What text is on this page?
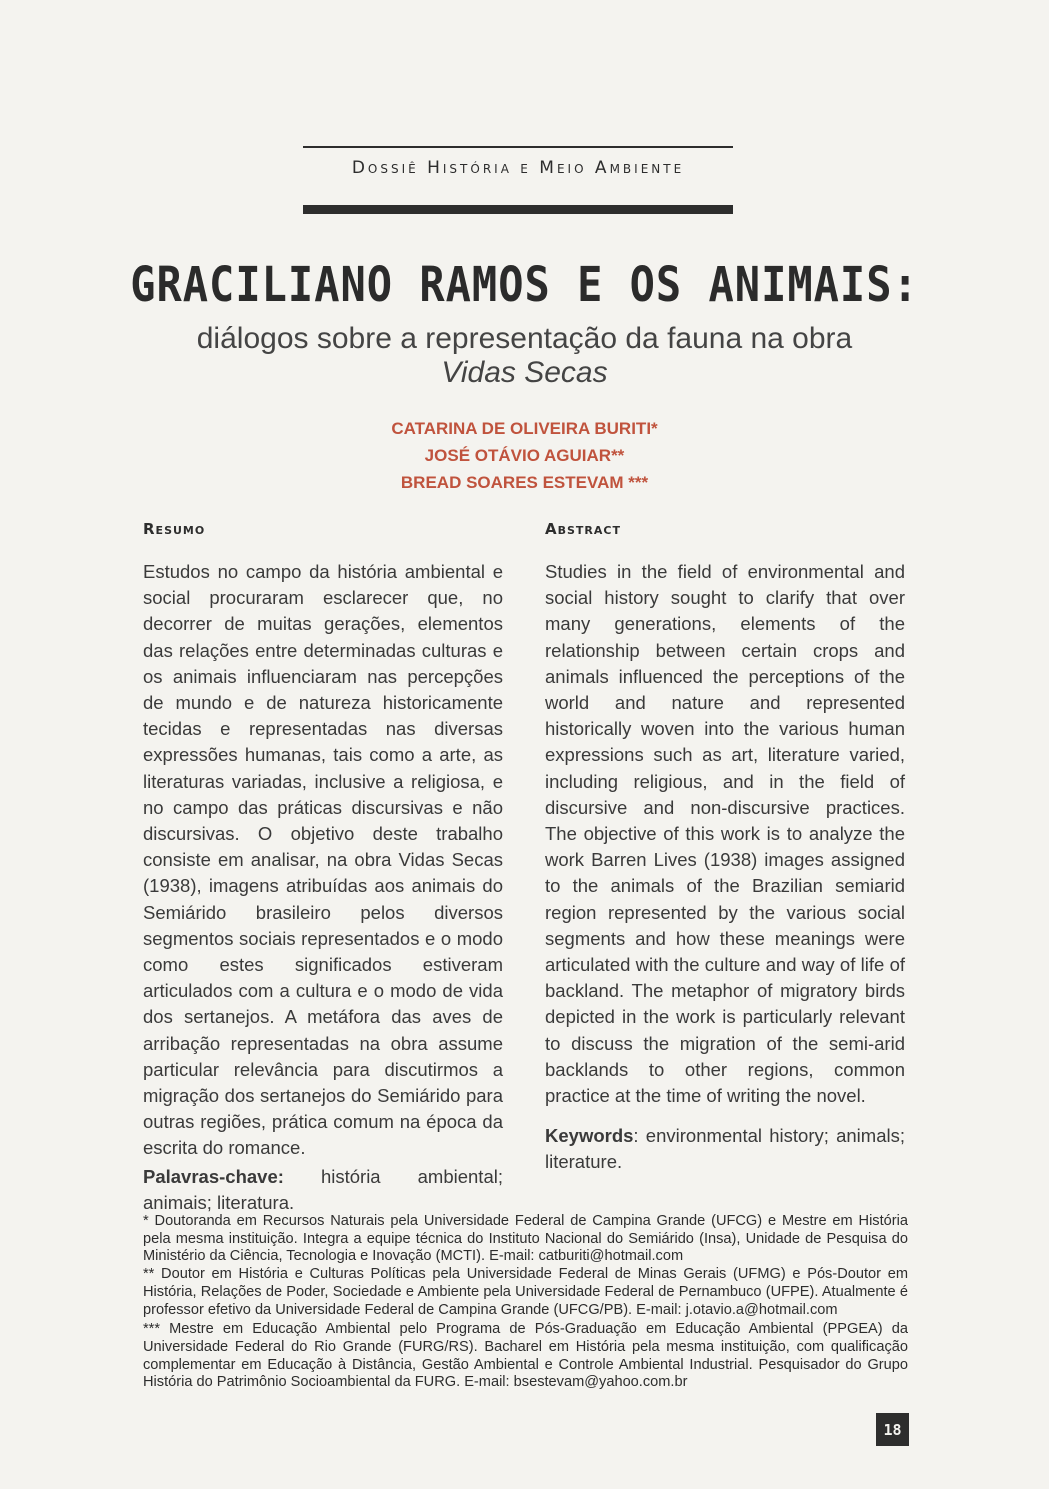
Dossiê História e Meio Ambiente
GRACILIANO RAMOS E OS ANIMAIS:
diálogos sobre a representação da fauna na obra
Vidas Secas
CATARINA DE OLIVEIRA BURITI*
JOSÉ OTÁVIO AGUIAR**
BREAD SOARES ESTEVAM ***
Resumo	Abstract

Estudos no campo da história ambiental e social procuraram esclarecer que, no decorrer de muitas gerações, elementos das relações entre determinadas culturas e os animais influenciaram nas percepções de mundo e de natureza historicamente tecidas e representadas nas diversas expressões humanas, tais como a arte, as literaturas variadas, inclusive a religiosa, e no campo das práticas discursivas e não discursivas. O objetivo deste trabalho consiste em analisar, na obra Vidas Secas (1938), imagens atribuídas aos animais do Semiárido brasileiro pelos diversos segmentos sociais representados e o modo como estes significados estiveram articulados com a cultura e o modo de vida dos sertanejos. A metáfora das aves de arribação representadas na obra assume particular relevância para discutirmos a migração dos sertanejos do Semiárido para outras regiões, prática comum na época da escrita do romance.

Palavras-chave: história ambiental; animais; literatura.

Studies in the field of environmental and social history sought to clarify that over many generations, elements of the relationship between certain crops and animals influenced the perceptions of the world and nature and represented historically woven into the various human expressions such as art, literature varied, including religious, and in the field of discursive and non-discursive practices. The objective of this work is to analyze the work Barren Lives (1938) images assigned to the animals of the Brazilian semiarid region represented by the various social segments and how these meanings were articulated with the culture and way of life of backland. The metaphor of migratory birds depicted in the work is particularly relevant to discuss the migration of the semi-arid backlands to other regions, common practice at the time of writing the novel.

Keywords: environmental history; animals; literature.

* Doutoranda em Recursos Naturais pela Universidade Federal de Campina Grande (UFCG) e Mestre em História pela mesma instituição. Integra a equipe técnica do Instituto Nacional do Semiárido (Insa), Unidade de Pesquisa do Ministério da Ciência, Tecnologia e Inovação (MCTI). E-mail: catburiti@hotmail.com

** Doutor em História e Culturas Políticas pela Universidade Federal de Minas Gerais (UFMG) e Pós-Doutor em História, Relações de Poder, Sociedade e Ambiente pela Universidade Federal de Pernambuco (UFPE). Atualmente é professor efetivo da Universidade Federal de Campina Grande (UFCG/PB). E-mail: j.otavio.a@hotmail.com

*** Mestre em Educação Ambiental pelo Programa de Pós-Graduação em Educação Ambiental (PPGEA) da Universidade Federal do Rio Grande (FURG/RS). Bacharel em História pela mesma instituição, com qualificação complementar em Educação à Distância, Gestão Ambiental e Controle Ambiental Industrial. Pesquisador do Grupo História do Patrimônio Socioambiental da FURG. E-mail: bsestevam@yahoo.com.br

18
